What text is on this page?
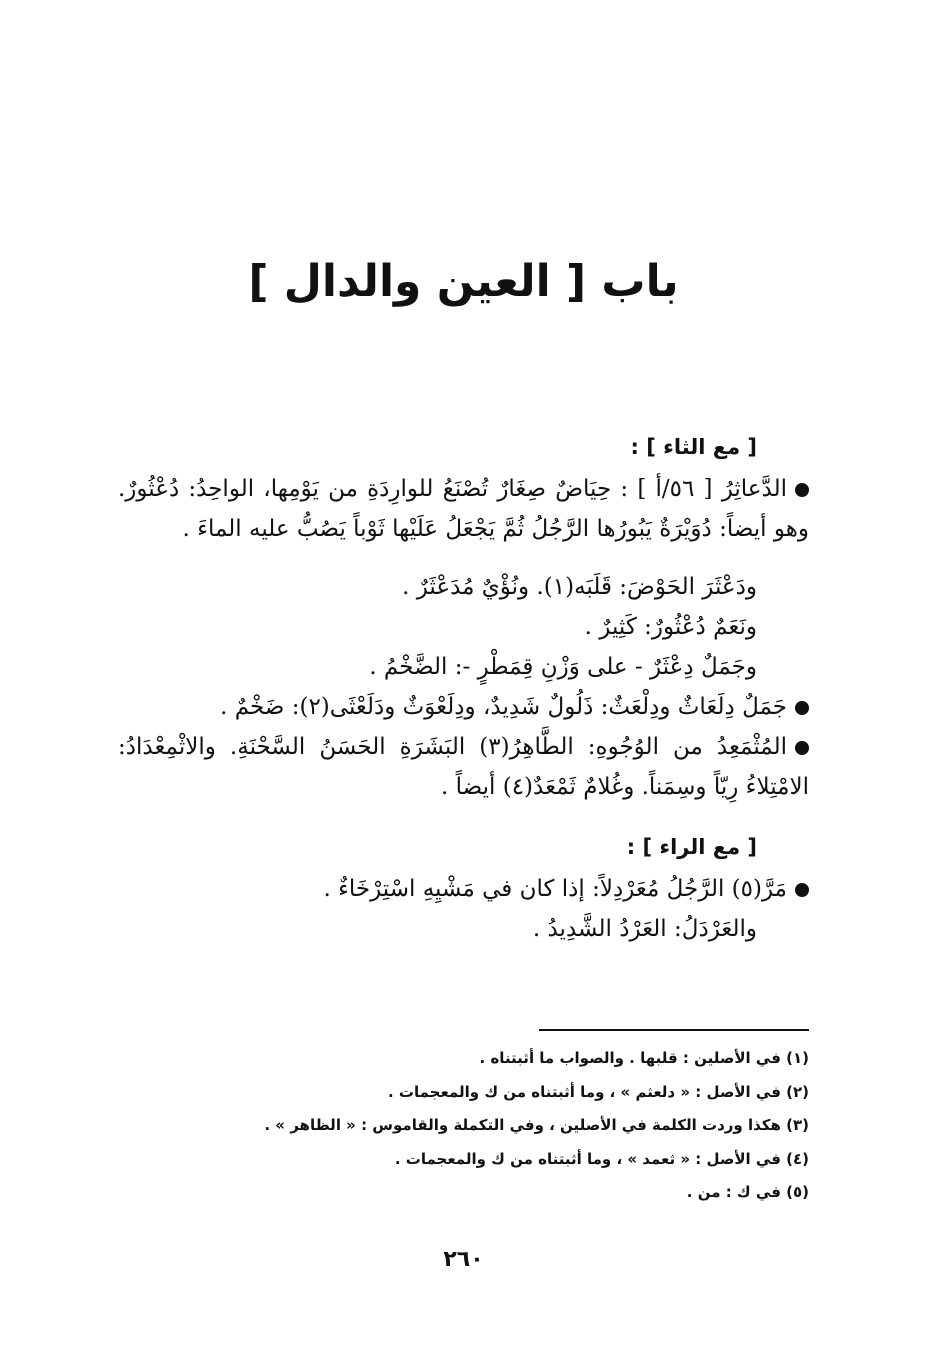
باب [ العين والدال ]
[ مع الثاء ] :

الدَّعاثِرُ [ ٥٦/أ ] : حِيَاضٌ صِغَارٌ تُصْنَعُ للوارِدَةِ من يَوْمِها، الواحِدُ: دُعْثُورٌ. وهو أيضاً: دُوَيْرَةٌ يَبُورُها الرَّجُلُ ثُمَّ يَجْعَلُ عَلَيْها ثَوْباً يَصُبُّ عليه الماءَ .

ودَعْثَرَ الحَوْضَ: قَلَبَه(١). ونُؤْيٌ مُدَعْثَرٌ .

ونَعَمٌ دُعْثُورٌ: كَثِيرٌ .

وجَمَلٌ دِعْثَرٌ - على وَزْنِ قِمَطْرٍ -: الضَّخْمُ .

جَمَلٌ دِلَعَاثٌ ودِلْعَثٌ: ذَلُولٌ شَدِيدٌ، ودِلَعْوَثٌ ودَلَعْثَى(٢): ضَخْمٌ .

المُثْمَعِدُ من الوُجُوهِ: الطَّاهِرُ(٣) البَشَرَةِ الحَسَنُ السَّحْنَةِ. والاثْمِعْدَادُ: الامْتِلاءُ رِيّاً وسِمَناً. وغُلامٌ ثَمْعَدٌ(٤) أيضاً .

[ مع الراء ] :

مَرَّ(٥) الرَّجُلُ مُعَرْدِلاً: إذا كان في مَشْيِهِ اسْتِرْخَاءٌ .

والعَرْدَلُ: العَرْدُ الشَّدِيدُ .

(١) في الأصلين : قلبها . والصواب ما أثبتناه .
(٢) في الأصل : « دلعثم » ، وما أثبتناه من ك والمعجمات .
(٣) هكذا وردت الكلمة في الأصلين ، وفي التكملة والقاموس : « الظاهر » .
(٤) في الأصل : « ثعمد » ، وما أثبتناه من ك والمعجمات .
(٥) في ك : من .
٢٦٠
